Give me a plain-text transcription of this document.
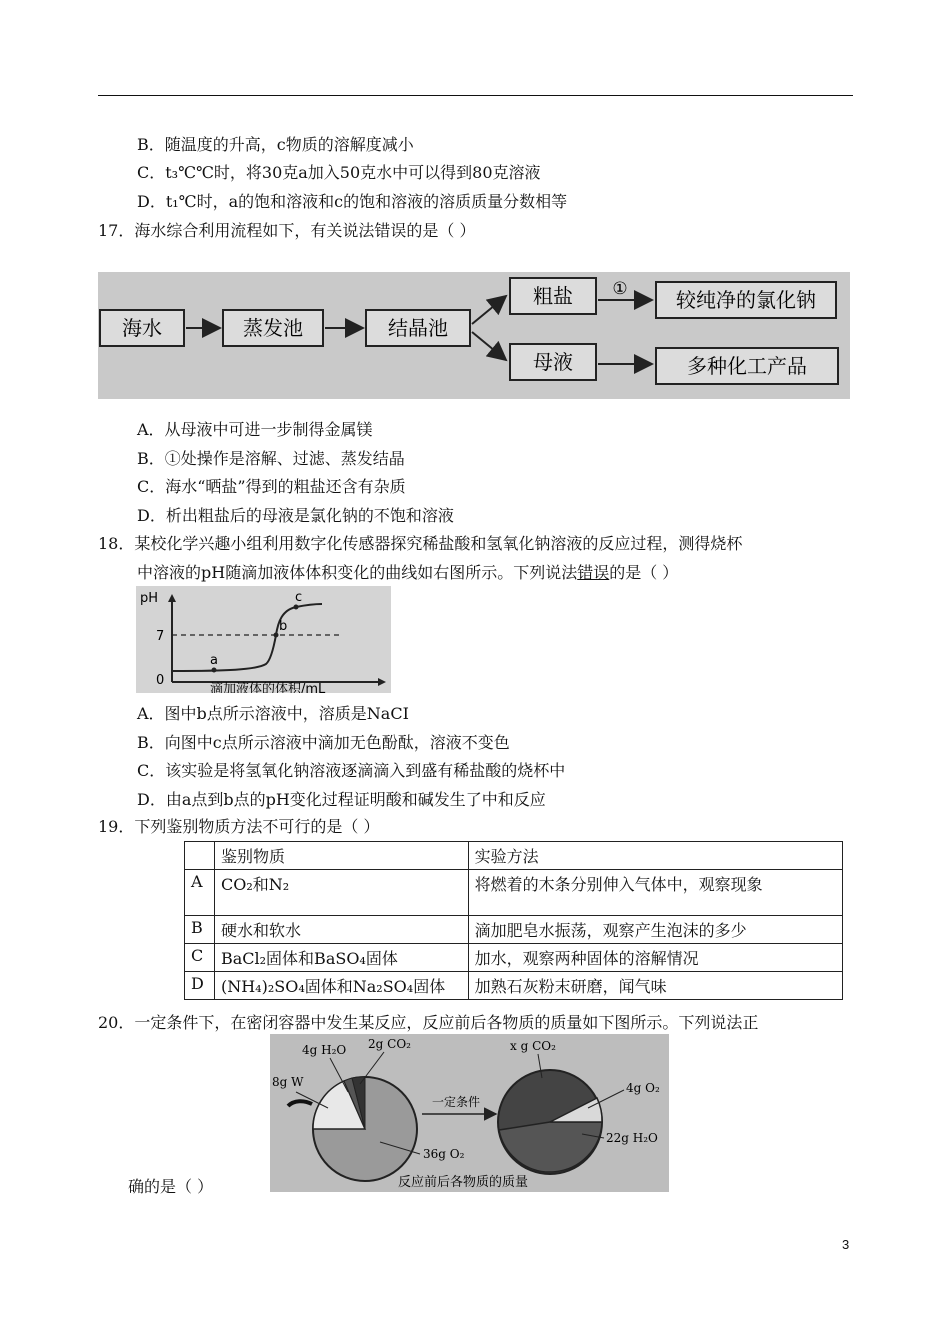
B．随温度的升高，c物质的溶解度减小
C．t₃℃℃时，将30克a加入50克水中可以得到80克溶液
D．t₁℃时，a的饱和溶液和c的饱和溶液的溶质质量分数相等
17．海水综合利用流程如下，有关说法错误的是（ ）
海水	蒸发池	结晶池
粗盐 ① 较纯净的氯化钠
母液	多种化工产品
A．从母液中可进一步制得金属镁
B．①处操作是溶解、过滤、蒸发结晶
C．海水“晒盐”得到的粗盐还含有杂质
D．析出粗盐后的母液是氯化钠的不饱和溶液
18．某校化学兴趣小组利用数字化传感器探究稀盐酸和氢氧化钠溶液的反应过程，测得烧杯
中溶液的pH随滴加液体体积变化的曲线如右图所示。下列说法错误的是（ ）
pH
7
0
a
b
c
滴加液体的体积/mL
A．图中b点所示溶液中，溶质是NaCI
B．向图中c点所示溶液中滴加无色酚酞，溶液不变色
C．该实验是将氢氧化钠溶液逐滴滴入到盛有稀盐酸的烧杯中
D．由a点到b点的pH变化过程证明酸和碱发生了中和反应
19．下列鉴别物质方法不可行的是（ ）
	鉴别物质	实验方法
A	CO₂和N₂	将燃着的木条分别伸入气体中，观察现象
B	硬水和软水	滴加肥皂水振荡，观察产生泡沫的多少
C	BaCl₂固体和BaSO₄固体	加水，观察两种固体的溶解情况
D	(NH₄)₂SO₄固体和Na₂SO₄固体	加熟石灰粉末研磨，闻气味
20．一定条件下，在密闭容器中发生某反应，反应前后各物质的质量如下图所示。下列说法正
4g H₂O 2g CO₂
8g W
36g O₂
一定条件
x g CO₂
4g O₂
22g H₂O
反应前后各物质的质量
确的是（ ）
3
